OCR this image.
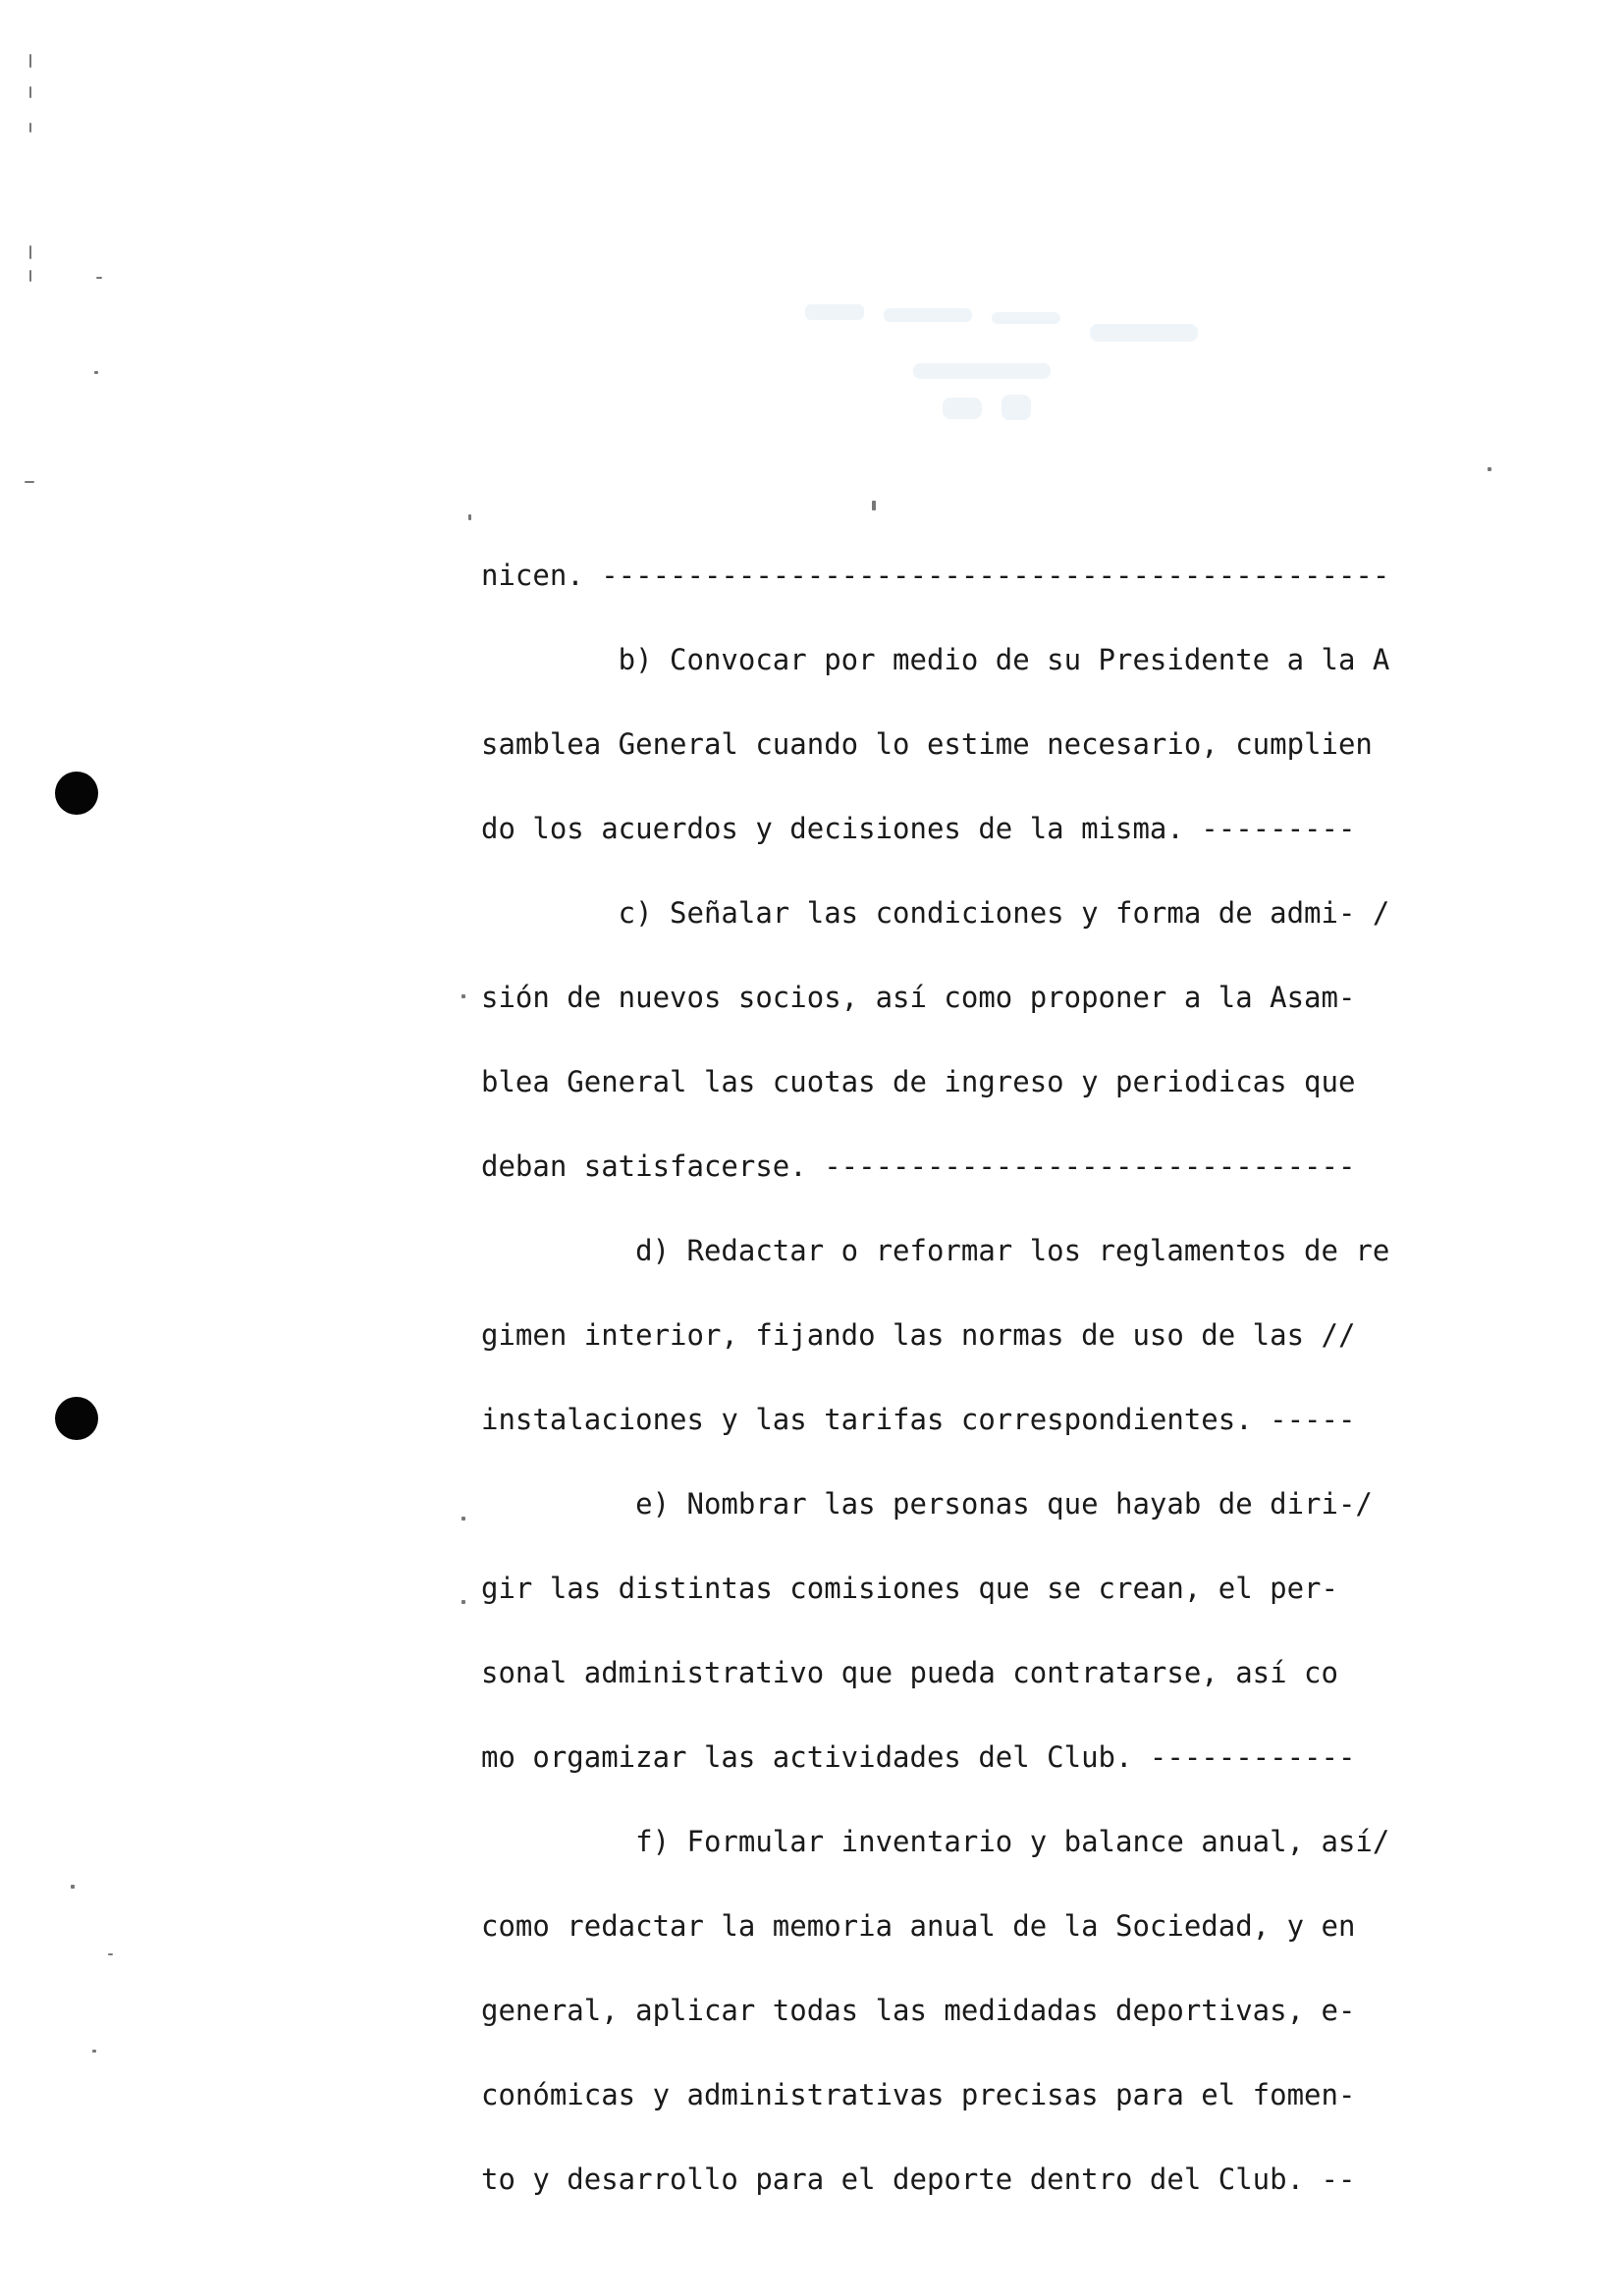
nicen. ----------------------------------------------
b) Convocar por medio de su Presidente a la A
samblea General cuando lo estime necesario, cumplien
do los acuerdos y decisiones de la misma. ---------
c) Señalar las condiciones y forma de admi- /
sión de nuevos socios, así como proponer a la Asam-
blea General las cuotas de ingreso y periodicas que
deban satisfacerse. -------------------------------
d) Redactar o reformar los reglamentos de re
gimen interior, fijando las normas de uso de las //
instalaciones y las tarifas correspondientes. -----
e) Nombrar las personas que hayab de diri-/
gir las distintas comisiones que se crean, el per-
sonal administrativo que pueda contratarse, así co
mo orgamizar las actividades del Club. ------------
f) Formular inventario y balance anual, así/
como redactar la memoria anual de la Sociedad, y en
general, aplicar todas las medidadas deportivas, e-
conómicas y administrativas precisas para el fomen-
to y desarrollo para el deporte dentro del Club. --
